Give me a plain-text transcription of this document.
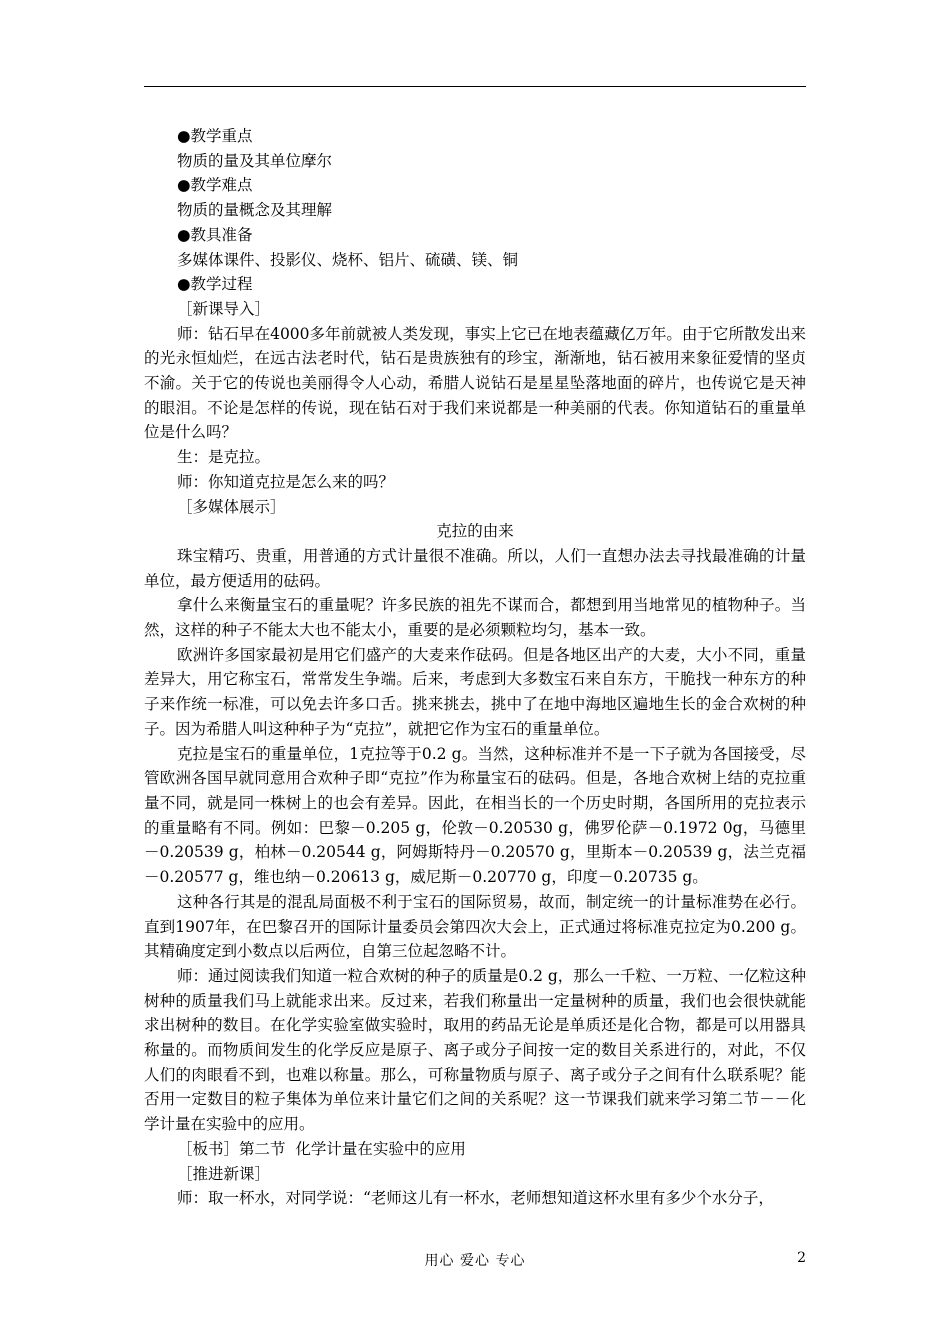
●教学重点

物质的量及其单位摩尔

●教学难点

物质的量概念及其理解

●教具准备

多媒体课件、投影仪、烧杯、铝片、硫磺、镁、铜

●教学过程

［新课导入］

师：钻石早在4000多年前就被人类发现，事实上它已在地表蕴藏亿万年。由于它所散发出来的光永恒灿烂，在远古法老时代，钻石是贵族独有的珍宝，渐渐地，钻石被用来象征爱情的坚贞不渝。关于它的传说也美丽得令人心动，希腊人说钻石是星星坠落地面的碎片，也传说它是天神的眼泪。不论是怎样的传说，现在钻石对于我们来说都是一种美丽的代表。你知道钻石的重量单位是什么吗？

生：是克拉。

师：你知道克拉是怎么来的吗？

［多媒体展示］

克拉的由来

珠宝精巧、贵重，用普通的方式计量很不准确。所以，人们一直想办法去寻找最准确的计量单位，最方便适用的砝码。

拿什么来衡量宝石的重量呢？许多民族的祖先不谋而合，都想到用当地常见的植物种子。当然，这样的种子不能太大也不能太小，重要的是必须颗粒均匀，基本一致。

欧洲许多国家最初是用它们盛产的大麦来作砝码。但是各地区出产的大麦，大小不同，重量差异大，用它称宝石，常常发生争端。后来，考虑到大多数宝石来自东方，干脆找一种东方的种子来作统一标准，可以免去许多口舌。挑来挑去，挑中了在地中海地区遍地生长的金合欢树的种子。因为希腊人叫这种种子为“克拉”，就把它作为宝石的重量单位。

克拉是宝石的重量单位，1克拉等于0.2 g。当然，这种标准并不是一下子就为各国接受，尽管欧洲各国早就同意用合欢种子即“克拉”作为称量宝石的砝码。但是，各地合欢树上结的克拉重量不同，就是同一株树上的也会有差异。因此，在相当长的一个历史时期，各国所用的克拉表示的重量略有不同。例如：巴黎－0.205 g，伦敦－0.20530 g，佛罗伦萨－0.1972 0g，马德里－0.20539 g，柏林－0.20544 g，阿姆斯特丹－0.20570 g，里斯本－0.20539 g，法兰克福－0.20577 g，维也纳－0.20613 g，威尼斯－0.20770 g，印度－0.20735 g。

这种各行其是的混乱局面极不利于宝石的国际贸易，故而，制定统一的计量标准势在必行。直到1907年，在巴黎召开的国际计量委员会第四次大会上，正式通过将标准克拉定为0.200 g。其精确度定到小数点以后两位，自第三位起忽略不计。

师：通过阅读我们知道一粒合欢树的种子的质量是0.2 g，那么一千粒、一万粒、一亿粒这种树种的质量我们马上就能求出来。反过来，若我们称量出一定量树种的质量，我们也会很快就能求出树种的数目。在化学实验室做实验时，取用的药品无论是单质还是化合物，都是可以用器具称量的。而物质间发生的化学反应是原子、离子或分子间按一定的数目关系进行的，对此，不仅人们的肉眼看不到，也难以称量。那么，可称量物质与原子、离子或分子之间有什么联系呢？能否用一定数目的粒子集体为单位来计量它们之间的关系呢？这一节课我们就来学习第二节－－化学计量在实验中的应用。

［板书］第二节  化学计量在实验中的应用

［推进新课］

师：取一杯水，对同学说：“老师这儿有一杯水，老师想知道这杯水里有多少个水分子，

用心 爱心 专心	2
